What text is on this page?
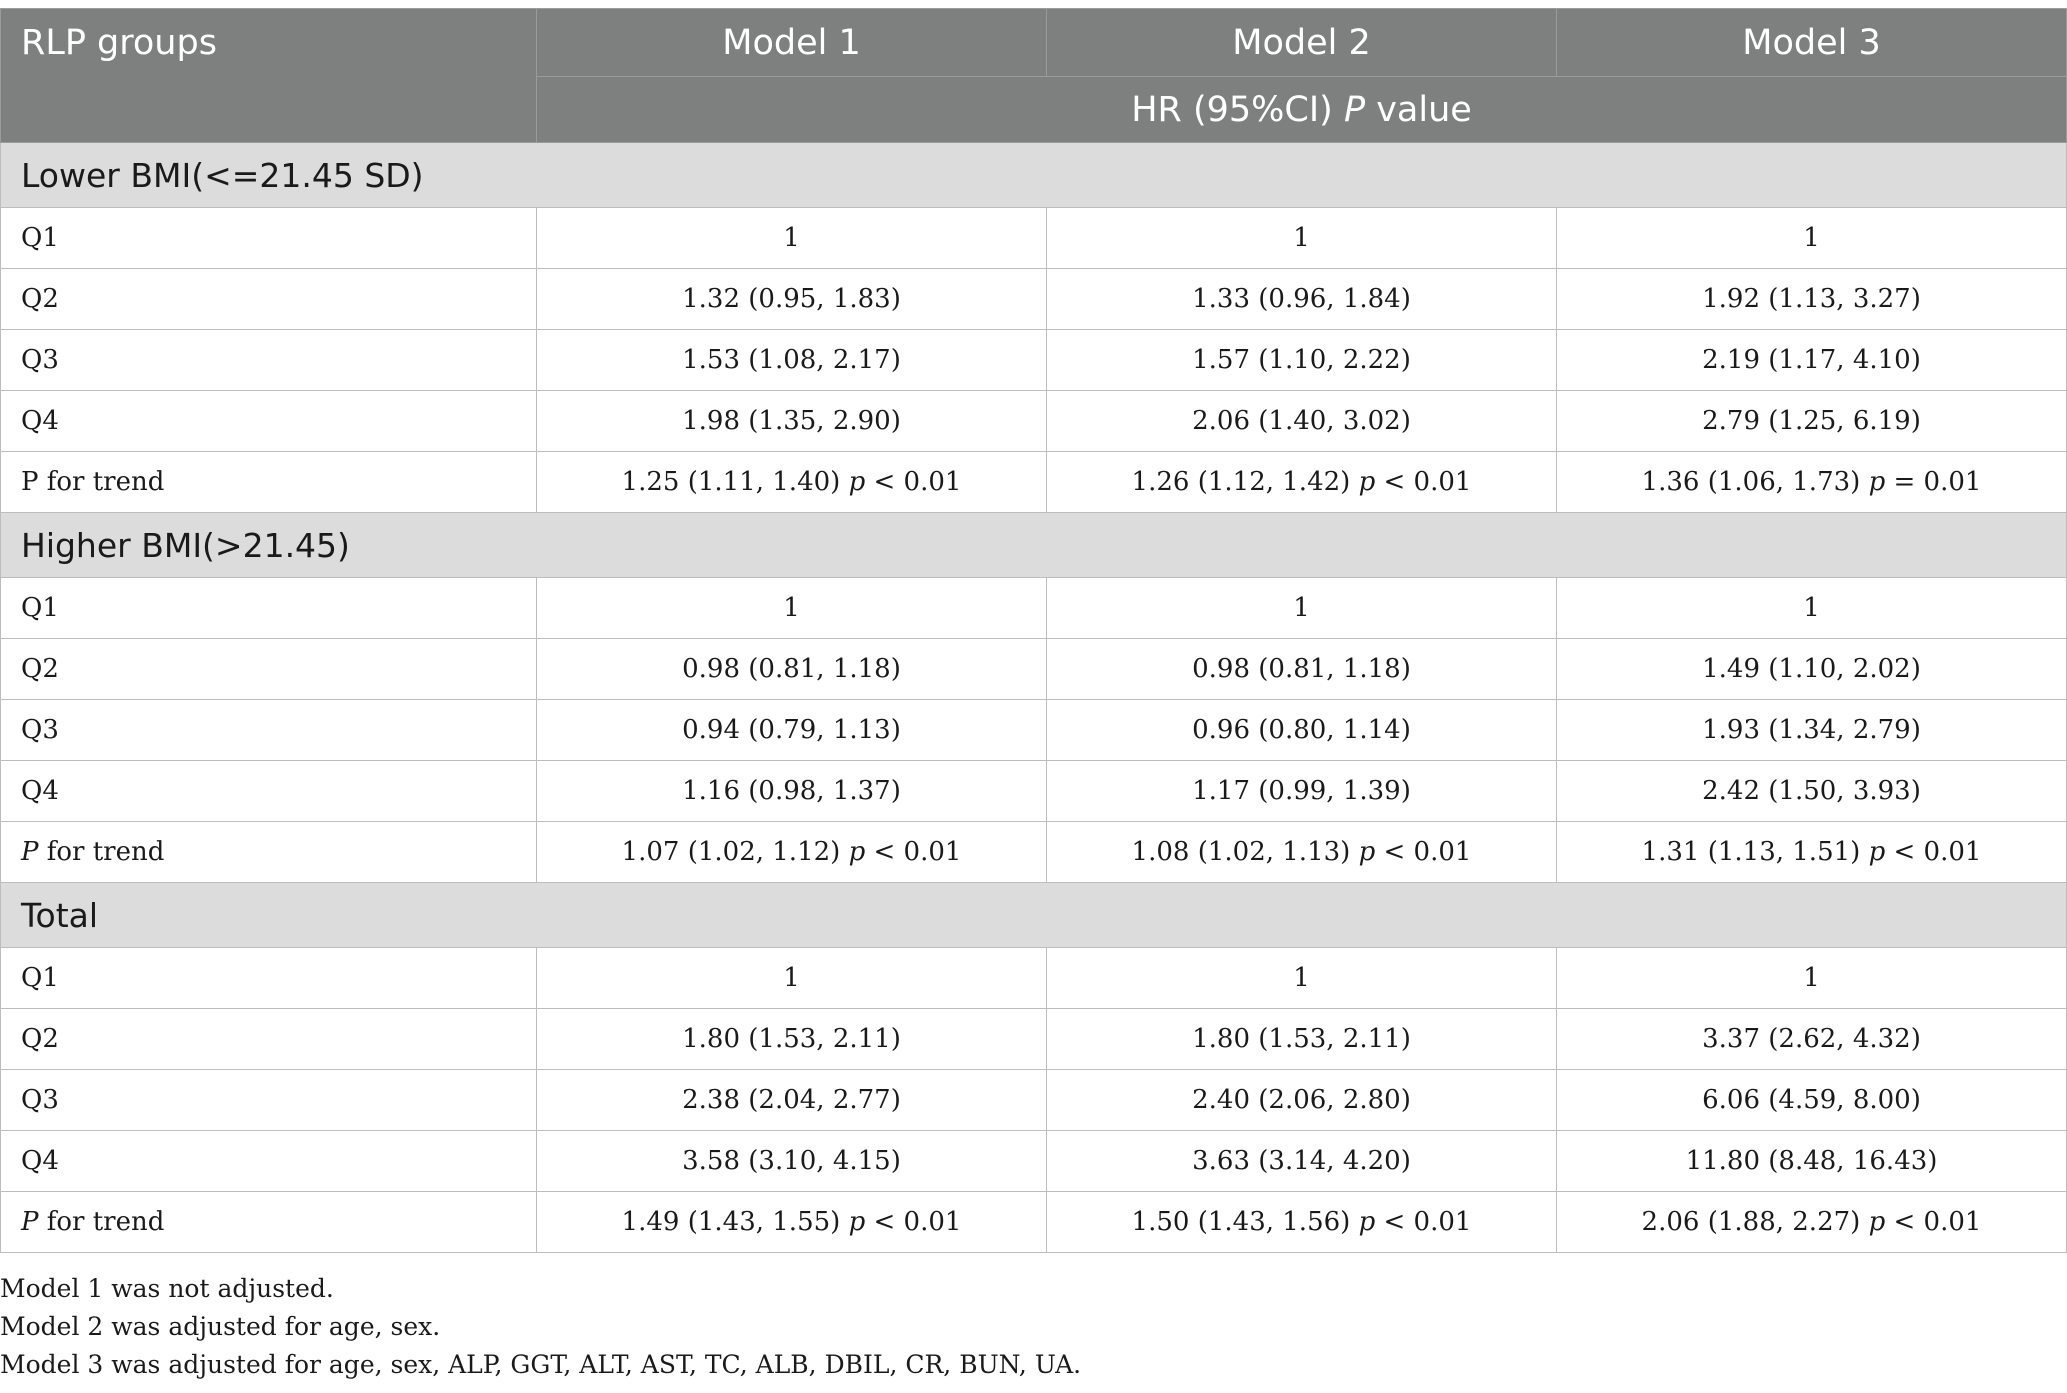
RLP groups	Model 1	Model 2	Model 3
	HR (95%CI) P value		
Lower BMI(<=21.45 SD)			
Q1	1	1	1
Q2	1.32 (0.95, 1.83)	1.33 (0.96, 1.84)	1.92 (1.13, 3.27)
Q3	1.53 (1.08, 2.17)	1.57 (1.10, 2.22)	2.19 (1.17, 4.10)
Q4	1.98 (1.35, 2.90)	2.06 (1.40, 3.02)	2.79 (1.25, 6.19)
P for trend	1.25 (1.11, 1.40) p < 0.01	1.26 (1.12, 1.42) p < 0.01	1.36 (1.06, 1.73) p = 0.01
Higher BMI(>21.45)			
Q1	1	1	1
Q2	0.98 (0.81, 1.18)	0.98 (0.81, 1.18)	1.49 (1.10, 2.02)
Q3	0.94 (0.79, 1.13)	0.96 (0.80, 1.14)	1.93 (1.34, 2.79)
Q4	1.16 (0.98, 1.37)	1.17 (0.99, 1.39)	2.42 (1.50, 3.93)
P for trend	1.07 (1.02, 1.12) p < 0.01	1.08 (1.02, 1.13) p < 0.01	1.31 (1.13, 1.51) p < 0.01
Total			
Q1	1	1	1
Q2	1.80 (1.53, 2.11)	1.80 (1.53, 2.11)	3.37 (2.62, 4.32)
Q3	2.38 (2.04, 2.77)	2.40 (2.06, 2.80)	6.06 (4.59, 8.00)
Q4	3.58 (3.10, 4.15)	3.63 (3.14, 4.20)	11.80 (8.48, 16.43)
P for trend	1.49 (1.43, 1.55) p < 0.01	1.50 (1.43, 1.56) p < 0.01	2.06 (1.88, 2.27) p < 0.01
Model 1 was not adjusted.
Model 2 was adjusted for age, sex.
Model 3 was adjusted for age, sex, ALP, GGT, ALT, AST, TC, ALB, DBIL, CR, BUN, UA.
